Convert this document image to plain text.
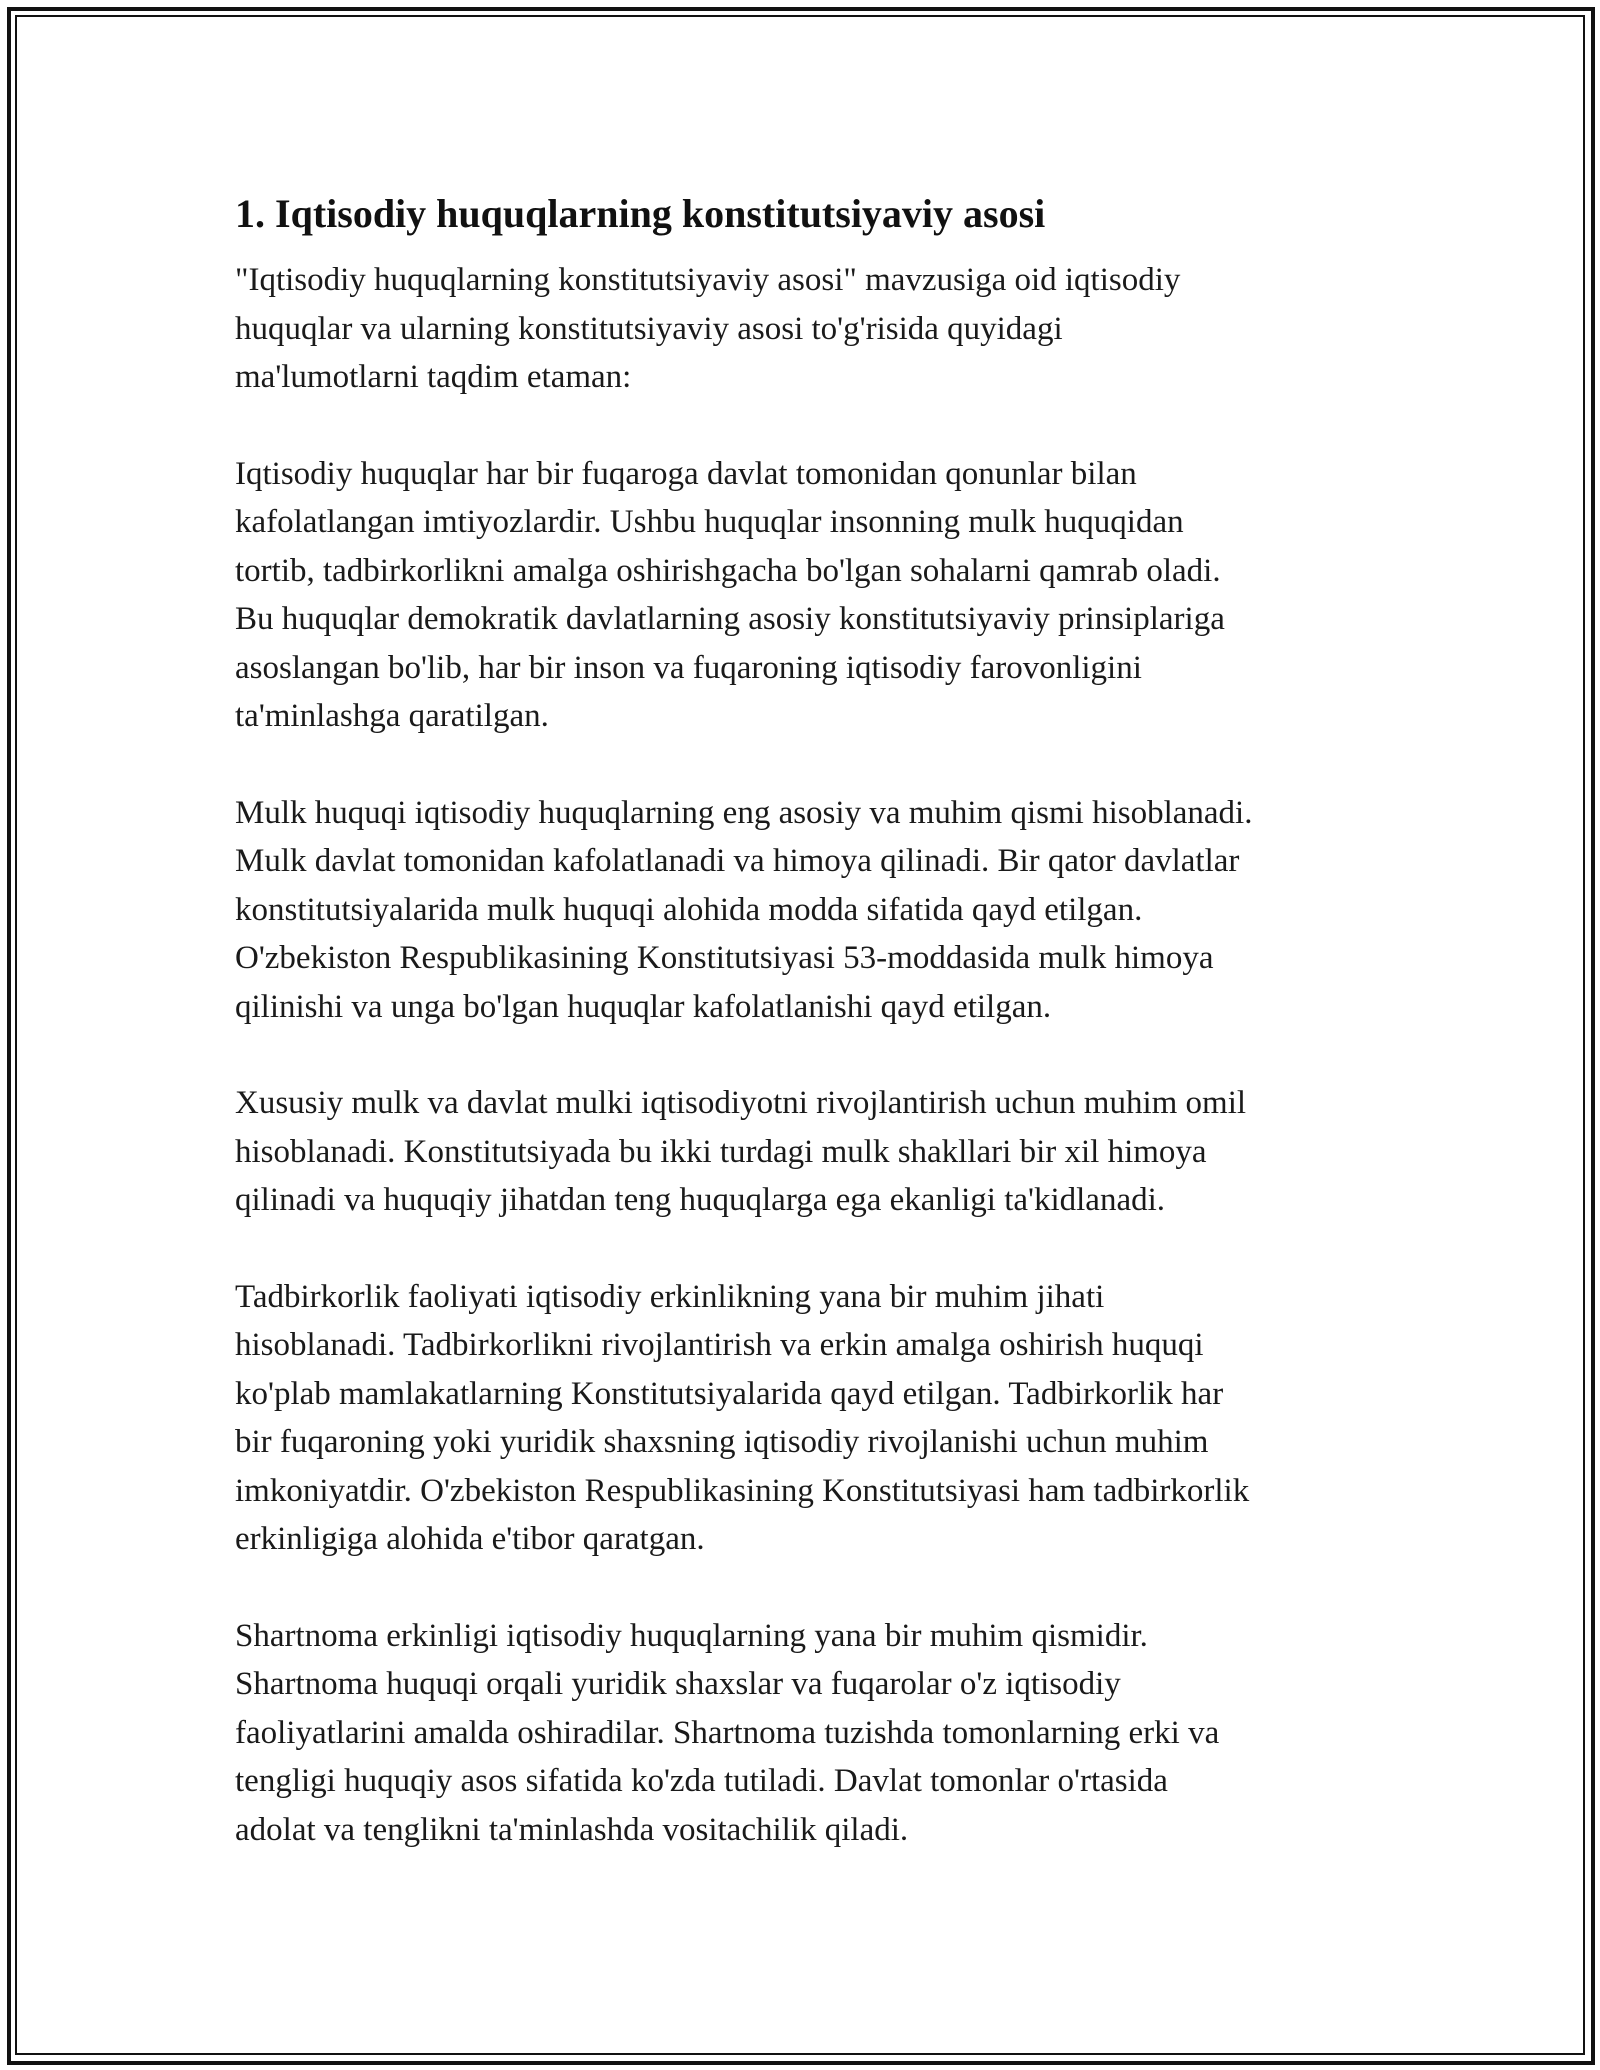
1. Iqtisodiy huquqlarning konstitutsiyaviy asosi

"Iqtisodiy huquqlarning konstitutsiyaviy asosi" mavzusiga oid iqtisodiy
huquqlar va ularning konstitutsiyaviy asosi to'g'risida quyidagi
ma'lumotlarni taqdim etaman:

Iqtisodiy huquqlar har bir fuqaroga davlat tomonidan qonunlar bilan
kafolatlangan imtiyozlardir. Ushbu huquqlar insonning mulk huquqidan
tortib, tadbirkorlikni amalga oshirishgacha bo'lgan sohalarni qamrab oladi.
Bu huquqlar demokratik davlatlarning asosiy konstitutsiyaviy prinsiplariga
asoslangan bo'lib, har bir inson va fuqaroning iqtisodiy farovonligini
ta'minlashga qaratilgan.

Mulk huquqi iqtisodiy huquqlarning eng asosiy va muhim qismi hisoblanadi.
Mulk davlat tomonidan kafolatlanadi va himoya qilinadi. Bir qator davlatlar
konstitutsiyalarida mulk huquqi alohida modda sifatida qayd etilgan.
O'zbekiston Respublikasining Konstitutsiyasi 53-moddasida mulk himoya
qilinishi va unga bo'lgan huquqlar kafolatlanishi qayd etilgan.

Xususiy mulk va davlat mulki iqtisodiyotni rivojlantirish uchun muhim omil
hisoblanadi. Konstitutsiyada bu ikki turdagi mulk shakllari bir xil himoya
qilinadi va huquqiy jihatdan teng huquqlarga ega ekanligi ta'kidlanadi.

Tadbirkorlik faoliyati iqtisodiy erkinlikning yana bir muhim jihati
hisoblanadi. Tadbirkorlikni rivojlantirish va erkin amalga oshirish huquqi
ko'plab mamlakatlarning Konstitutsiyalarida qayd etilgan. Tadbirkorlik har
bir fuqaroning yoki yuridik shaxsning iqtisodiy rivojlanishi uchun muhim
imkoniyatdir. O'zbekiston Respublikasining Konstitutsiyasi ham tadbirkorlik
erkinligiga alohida e'tibor qaratgan.

Shartnoma erkinligi iqtisodiy huquqlarning yana bir muhim qismidir.
Shartnoma huquqi orqali yuridik shaxslar va fuqarolar o'z iqtisodiy
faoliyatlarini amalda oshiradilar. Shartnoma tuzishda tomonlarning erki va
tengligi huquqiy asos sifatida ko'zda tutiladi. Davlat tomonlar o'rtasida
adolat va tenglikni ta'minlashda vositachilik qiladi.
